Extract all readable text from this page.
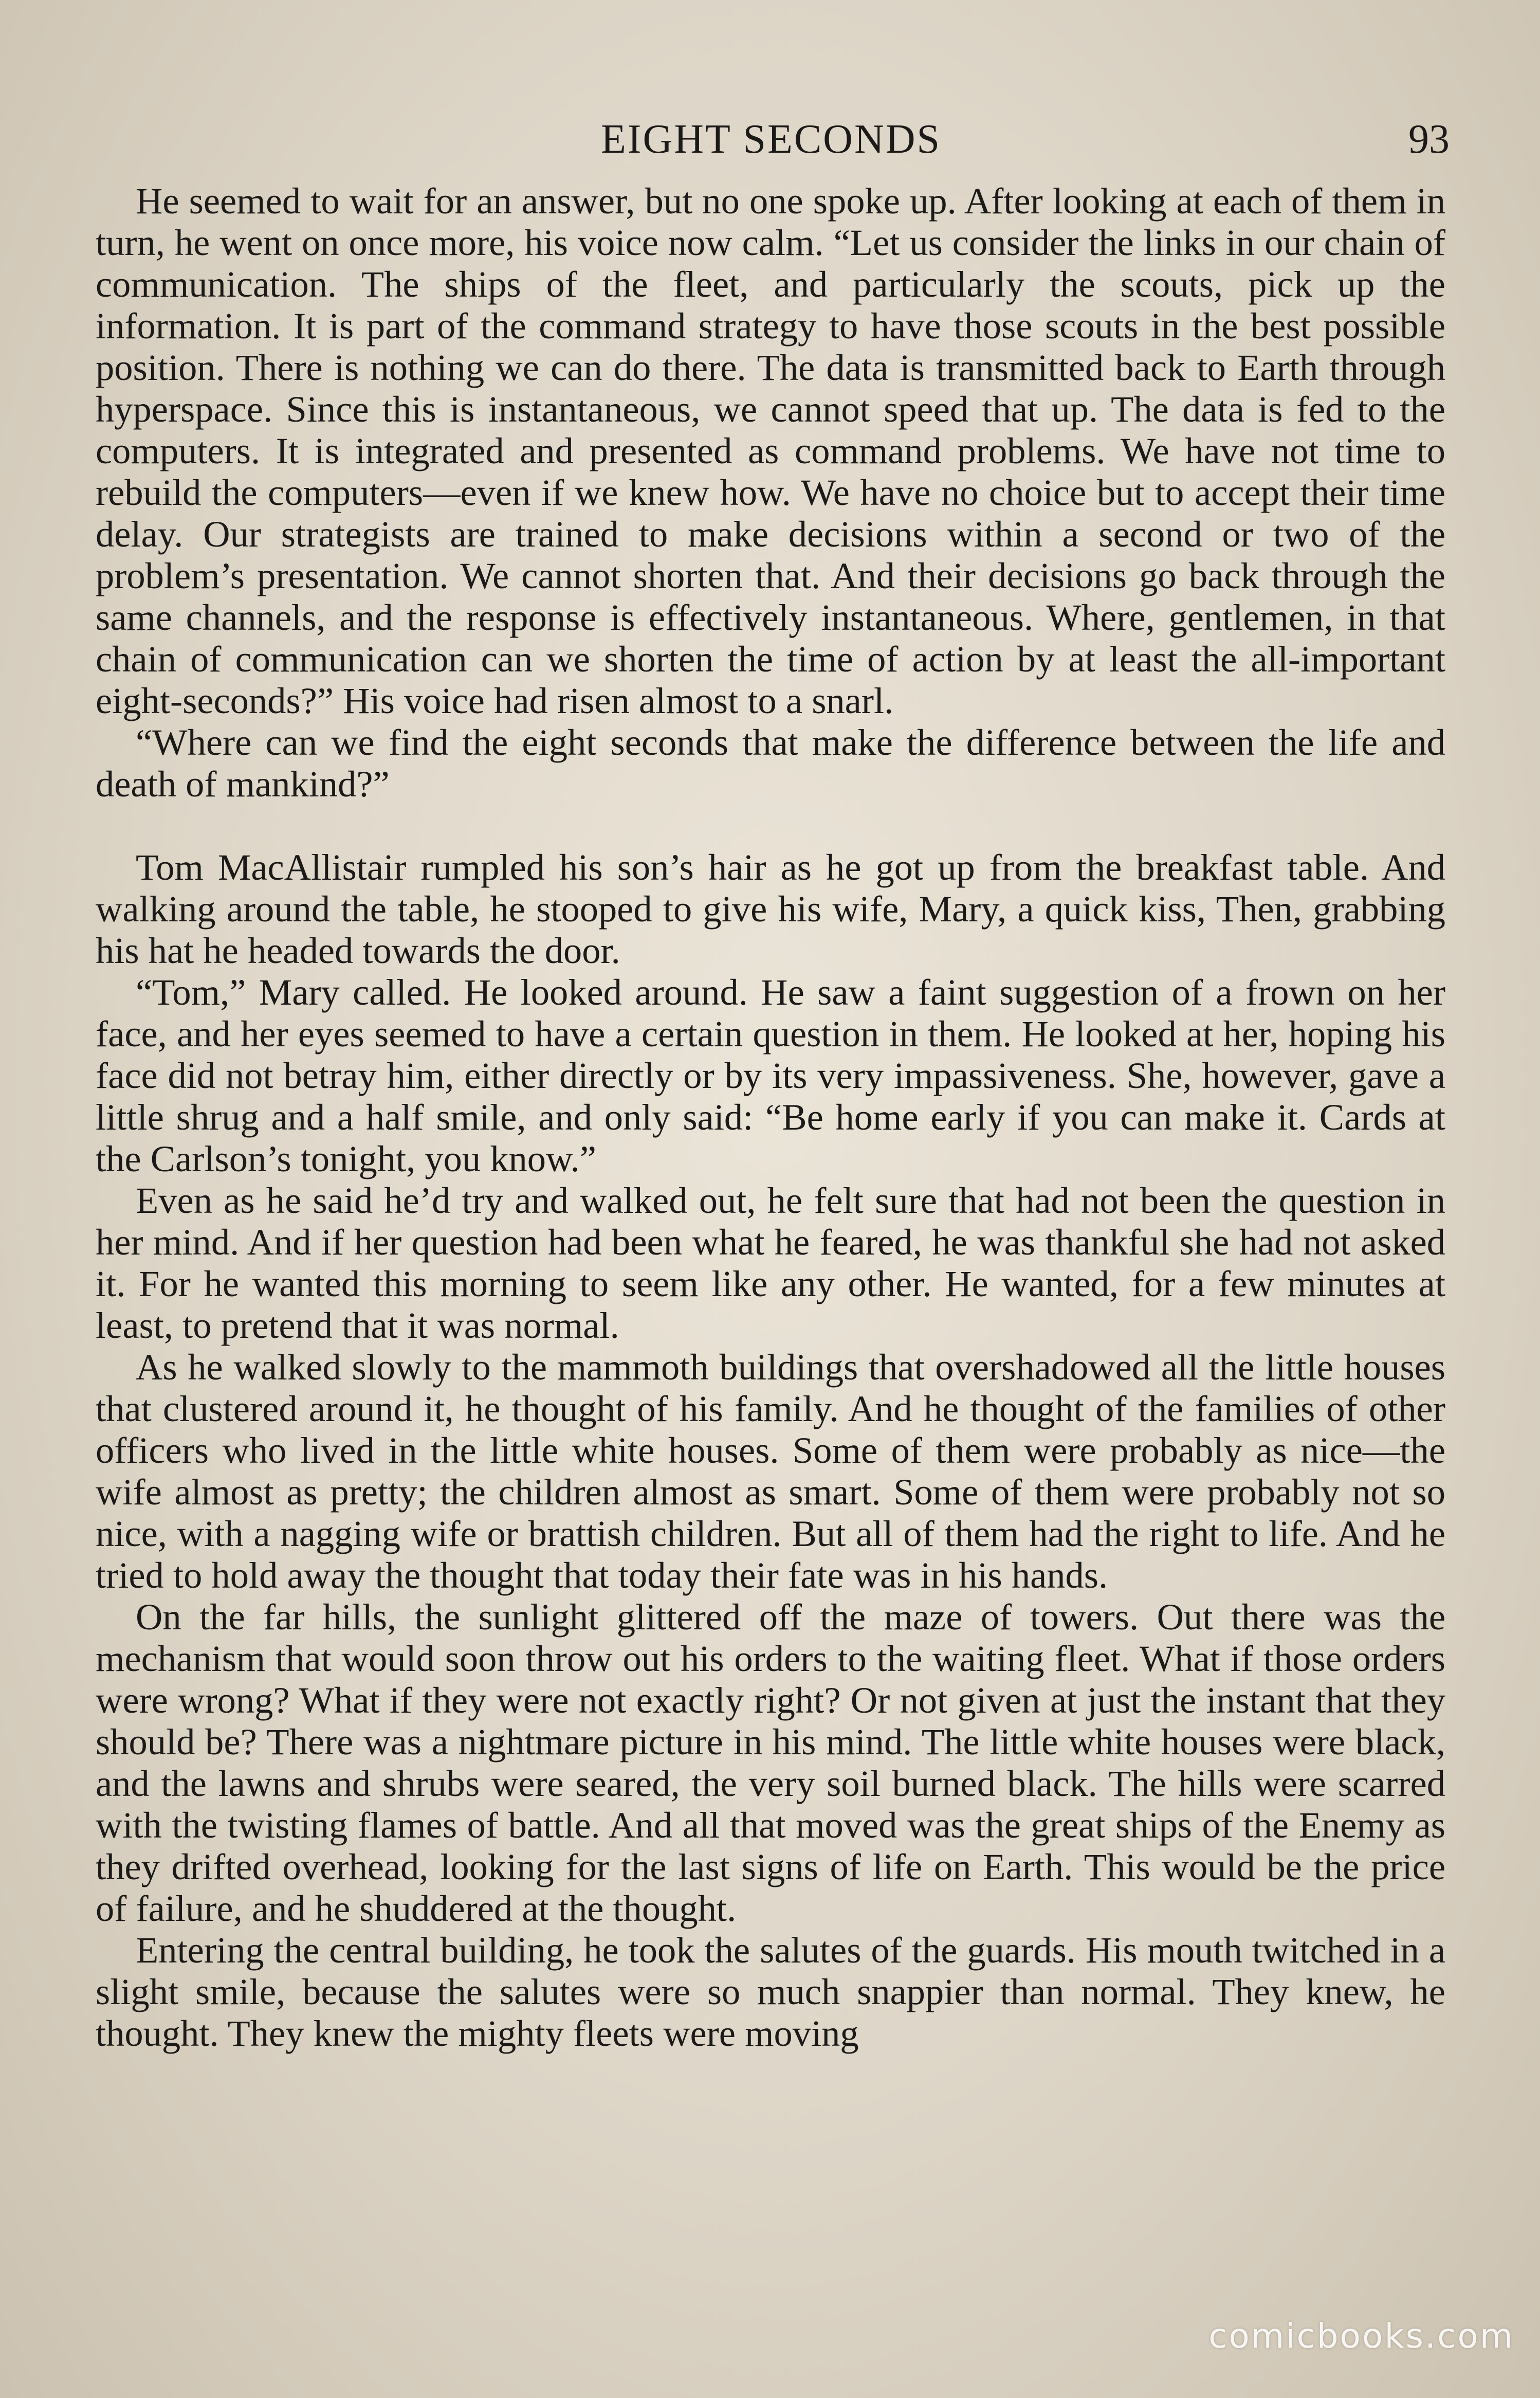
EIGHT SECONDS	93

He seemed to wait for an answer, but no one spoke up. After looking at each of them in turn, he went on once more, his voice now calm. “Let us consider the links in our chain of communication. The ships of the fleet, and particularly the scouts, pick up the information. It is part of the command strategy to have those scouts in the best possible position. There is nothing we can do there. The data is transmitted back to Earth through hyperspace. Since this is instantaneous, we cannot speed that up. The data is fed to the computers. It is integrated and presented as command problems. We have not time to rebuild the computers—even if we knew how. We have no choice but to accept their time delay. Our strategists are trained to make decisions within a second or two of the problem’s presentation. We cannot shorten that. And their decisions go back through the same channels, and the response is effectively instantaneous. Where, gentlemen, in that chain of communication can we shorten the time of action by at least the all-important eight-seconds?” His voice had risen almost to a snarl.

“Where can we find the eight seconds that make the difference between the life and death of mankind?”

Tom MacAllistair rumpled his son’s hair as he got up from the breakfast table. And walking around the table, he stooped to give his wife, Mary, a quick kiss, Then, grabbing his hat he headed towards the door.

“Tom,” Mary called. He looked around. He saw a faint suggestion of a frown on her face, and her eyes seemed to have a certain question in them. He looked at her, hoping his face did not betray him, either directly or by its very impassiveness. She, however, gave a little shrug and a half smile, and only said: “Be home early if you can make it. Cards at the Carlson’s tonight, you know.”

Even as he said he’d try and walked out, he felt sure that had not been the question in her mind. And if her question had been what he feared, he was thankful she had not asked it. For he wanted this morning to seem like any other. He wanted, for a few minutes at least, to pretend that it was normal.

As he walked slowly to the mammoth buildings that overshadowed all the little houses that clustered around it, he thought of his family. And he thought of the families of other officers who lived in the little white houses. Some of them were probably as nice—the wife almost as pretty; the children almost as smart. Some of them were probably not so nice, with a nagging wife or brattish children. But all of them had the right to life. And he tried to hold away the thought that today their fate was in his hands.

On the far hills, the sunlight glittered off the maze of towers. Out there was the mechanism that would soon throw out his orders to the waiting fleet. What if those orders were wrong? What if they were not exactly right? Or not given at just the instant that they should be? There was a nightmare picture in his mind. The little white houses were black, and the lawns and shrubs were seared, the very soil burned black. The hills were scarred with the twisting flames of battle. And all that moved was the great ships of the Enemy as they drifted overhead, looking for the last signs of life on Earth. This would be the price of failure, and he shuddered at the thought.

Entering the central building, he took the salutes of the guards. His mouth twitched in a slight smile, because the salutes were so much snappier than normal. They knew, he thought. They knew the mighty fleets were moving

comicbooks.com
